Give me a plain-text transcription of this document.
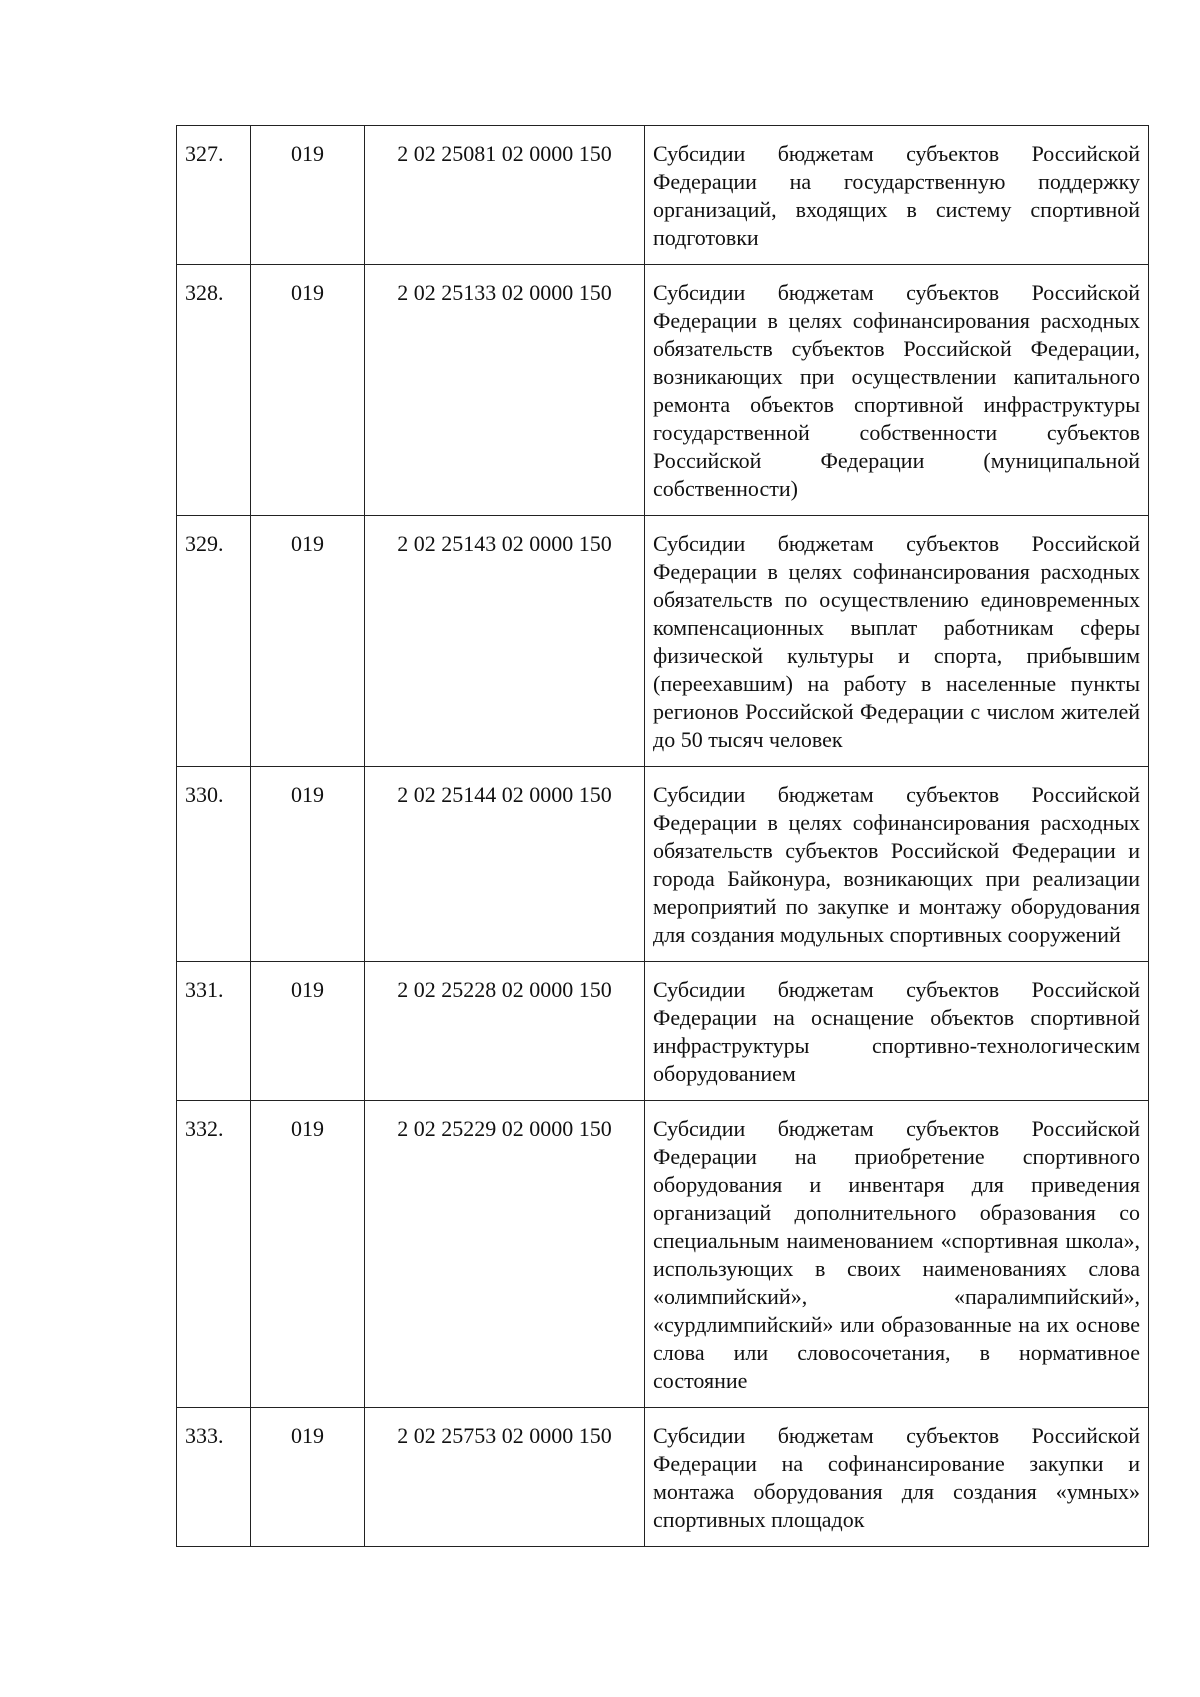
327.	019	2 02 25081 02 0000 150	Субсидии бюджетам субъектов Российской Федерации на государственную поддержку организаций, входящих в систему спортивной подготовки
328.	019	2 02 25133 02 0000 150	Субсидии бюджетам субъектов Российской Федерации в целях софинансирования расходных обязательств субъектов Российской Федерации, возникающих при осуществлении капитального ремонта объектов спортивной инфраструктуры государственной собственности субъектов Российской Федерации (муниципальной собственности)
329.	019	2 02 25143 02 0000 150	Субсидии бюджетам субъектов Российской Федерации в целях софинансирования расходных обязательств по осуществлению единовременных компенсационных выплат работникам сферы физической культуры и спорта, прибывшим (переехавшим) на работу в населенные пункты регионов Российской Федерации с числом жителей до 50 тысяч человек
330.	019	2 02 25144 02 0000 150	Субсидии бюджетам субъектов Российской Федерации в целях софинансирования расходных обязательств субъектов Российской Федерации и города Байконура, возникающих при реализации мероприятий по закупке и монтажу оборудования для создания модульных спортивных сооружений
331.	019	2 02 25228 02 0000 150	Субсидии бюджетам субъектов Российской Федерации на оснащение объектов спортивной инфраструктуры спортивно-технологическим оборудованием
332.	019	2 02 25229 02 0000 150	Субсидии бюджетам субъектов Российской Федерации на приобретение спортивного оборудования и инвентаря для приведения организаций дополнительного образования со специальным наименованием «спортивная школа», использующих в своих наименованиях слова «олимпийский», «паралимпийский», «сурдлимпийский» или образованные на их основе слова или словосочетания, в нормативное состояние
333.	019	2 02 25753 02 0000 150	Субсидии бюджетам субъектов Российской Федерации на софинансирование закупки и монтажа оборудования для создания «умных» спортивных площадок
